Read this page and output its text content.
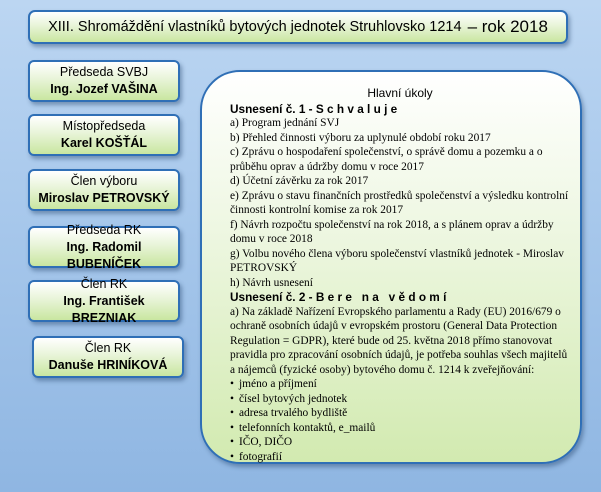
XIII. Shromáždění vlastníků bytových jednotek Struhlovsko 1214 – rok 2018
Předseda SVBJ
Ing. Jozef VAŠINA
Místopředseda
Karel KOŠŤÁL
Člen výboru
Miroslav PETROVSKÝ
Předseda RK
Ing. Radomil BUBENÍČEK
Člen RK
Ing. František BREZNIAK
Člen RK
Danuše HRINÍKOVÁ
Hlavní úkoly
Usnesení č. 1 - S c h v a l u j e
a) Program jednání SVJ
b) Přehled činnosti výboru za uplynulé období roku 2017
c) Zprávu o hospodaření společenství, o správě domu a pozemku a o průběhu oprav a údržby domu v roce 2017
d) Účetní závěrku za rok 2017
e) Zprávu o stavu finančních prostředků společenství a výsledku kontrolní činnosti kontrolní komise za rok 2017
f) Návrh rozpočtu společenství na rok 2018, a s plánem oprav a údržby domu v roce 2018
g) Volbu nového člena výboru společenství vlastníků jednotek - Miroslav PETROVSKÝ
h) Návrh usnesení
Usnesení č. 2 - B e r e   n a   v ě d o m í
a) Na základě Nařízení Evropského parlamentu a Rady (EU) 2016/679 o ochraně osobních údajů v evropském prostoru (General Data Protection Regulation = GDPR), které bude od 25. května 2018 přímo stanovovat pravidla pro zpracování osobních údajů, je potřeba souhlas všech majitelů a nájemců (fyzické osoby) bytového domu č. 1214 k zveřejňování:
• jméno a příjmení
• čísel bytových jednotek
• adresa trvalého bydliště
• telefonních kontaktů, e_mailů
• IČO, DIČO
• fotografií
